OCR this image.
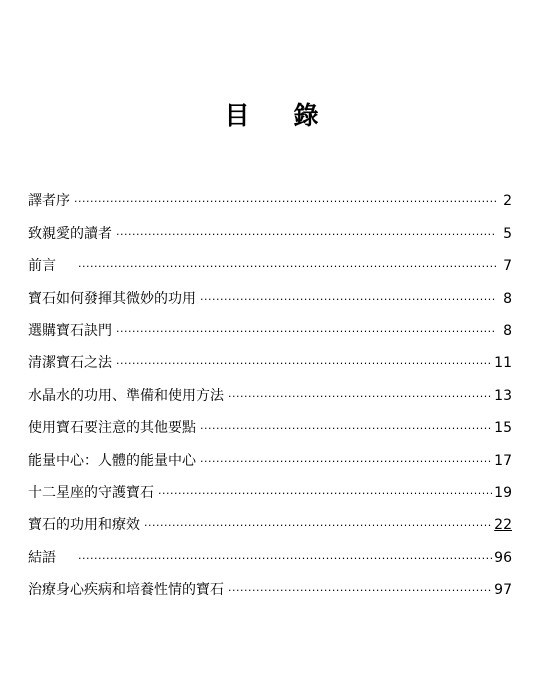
目 錄
譯者序 .....	2
致親愛的讀者 .....	5
前言 .....	7
寶石如何發揮其微妙的功用 .....	8
選購寶石訣門 .....	8
清潔寶石之法 .....	11
水晶水的功用、準備和使用方法 .....	13
使用寶石要注意的其他要點 .....	15
能量中心：人體的能量中心 .....	17
十二星座的守護寶石 .....	19
寶石的功用和療效 .....	22
結語 .....	96
治療身心疾病和培養性情的寶石 .....	97
